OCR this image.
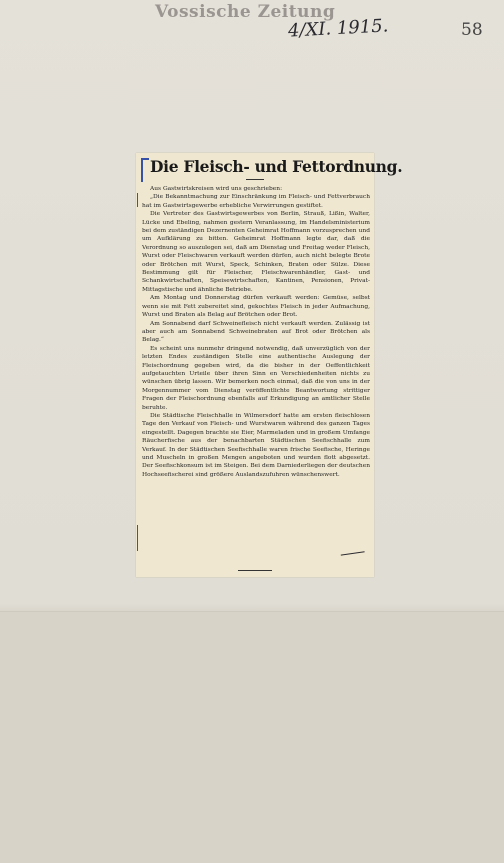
Vossische Zeitung
4/XI. 1915.	58
Die Fleisch- und Fettordnung.

Aus Gastwirtskreisen wird uns geschrieben:

„Die Bekanntmachung zur Einschränkung im Fleisch- und Fettverbrauch hat im Gastwirtsgewerbe erhebliche Verwirrungen gestiftet.

Die Vertreter des Gastwirtsgewerbes von Berlin, Strauß, Lißin, Walter, Lücke und Ebeling, nahmen gestern Veranlassung, im Handelsministerium bei dem zuständigen Dezernenten Geheimrat Hoffmann vorzusprechen und um Aufklärung zu bitten. Geheimrat Hoffmann legte dar, daß die Verordnung so auszulegen sei, daß am Dienstag und Freitag weder Fleisch, Wurst oder Fleischwaren verkauft werden dürfen, auch nicht belegte Brote oder Brötchen mit Wurst, Speck, Schinken, Braten oder Sülze. Diese Bestimmung gilt für Fleischer, Fleischwarenhändler, Gast- und Schankwirtschaften, Speisewirtschaften, Kantinen, Pensionen, Privat-Mittagstische und ähnliche Betriebe.

Am Montag und Donnerstag dürfen verkauft werden: Gemüse, selbst wenn sie mit Fett zubereitet sind, gekochtes Fleisch in jeder Aufmachung, Wurst und Braten als Belag auf Brötchen oder Brot.

Am Sonnabend darf Schweinefleisch nicht verkauft werden. Zulässig ist aber auch am Sonnabend Schweinebraten auf Brot oder Brötchen als Belag.“

Es scheint uns nunmehr dringend notwendig, daß unverzüglich von der letzten Endes zuständigen Stelle eine authentische Auslegung der Fleischordnung gegeben wird, da die bisher in der Oeffentlichkeit aufgetauchten Urteile über ihren Sinn en Verschiedenheiten nichts zu wünschen übrig lassen. Wir bemerken noch einmal, daß die von uns in der Morgennummer vom Dienstag veröffentlichte Beantwortung strittiger Fragen der Fleischordnung ebenfalls auf Erkundigung an amtlicher Stelle beruhte.

Die Städtische Fleischhalle in Wilmersdorf hatte am ersten fleischlosen Tage den Verkauf von Fleisch- und Wurstwaren während des ganzen Tages eingestellt. Dagegen brachte sie Eier, Marmeladen und in großem Umfange Räucherfische aus der benachbarten Städtischen Seefischhalle zum Verkauf. In der Städtischen Seefischhalle waren frische Seefische, Heringe und Muscheln in großen Mengen angeboten und wurden flott abgesetzt. Der Seefischkonsum ist im Steigen. Bei dem Darniederliegen der deutschen Hochseefischerei sind größere Auslandszufuhren wünschenswert.
